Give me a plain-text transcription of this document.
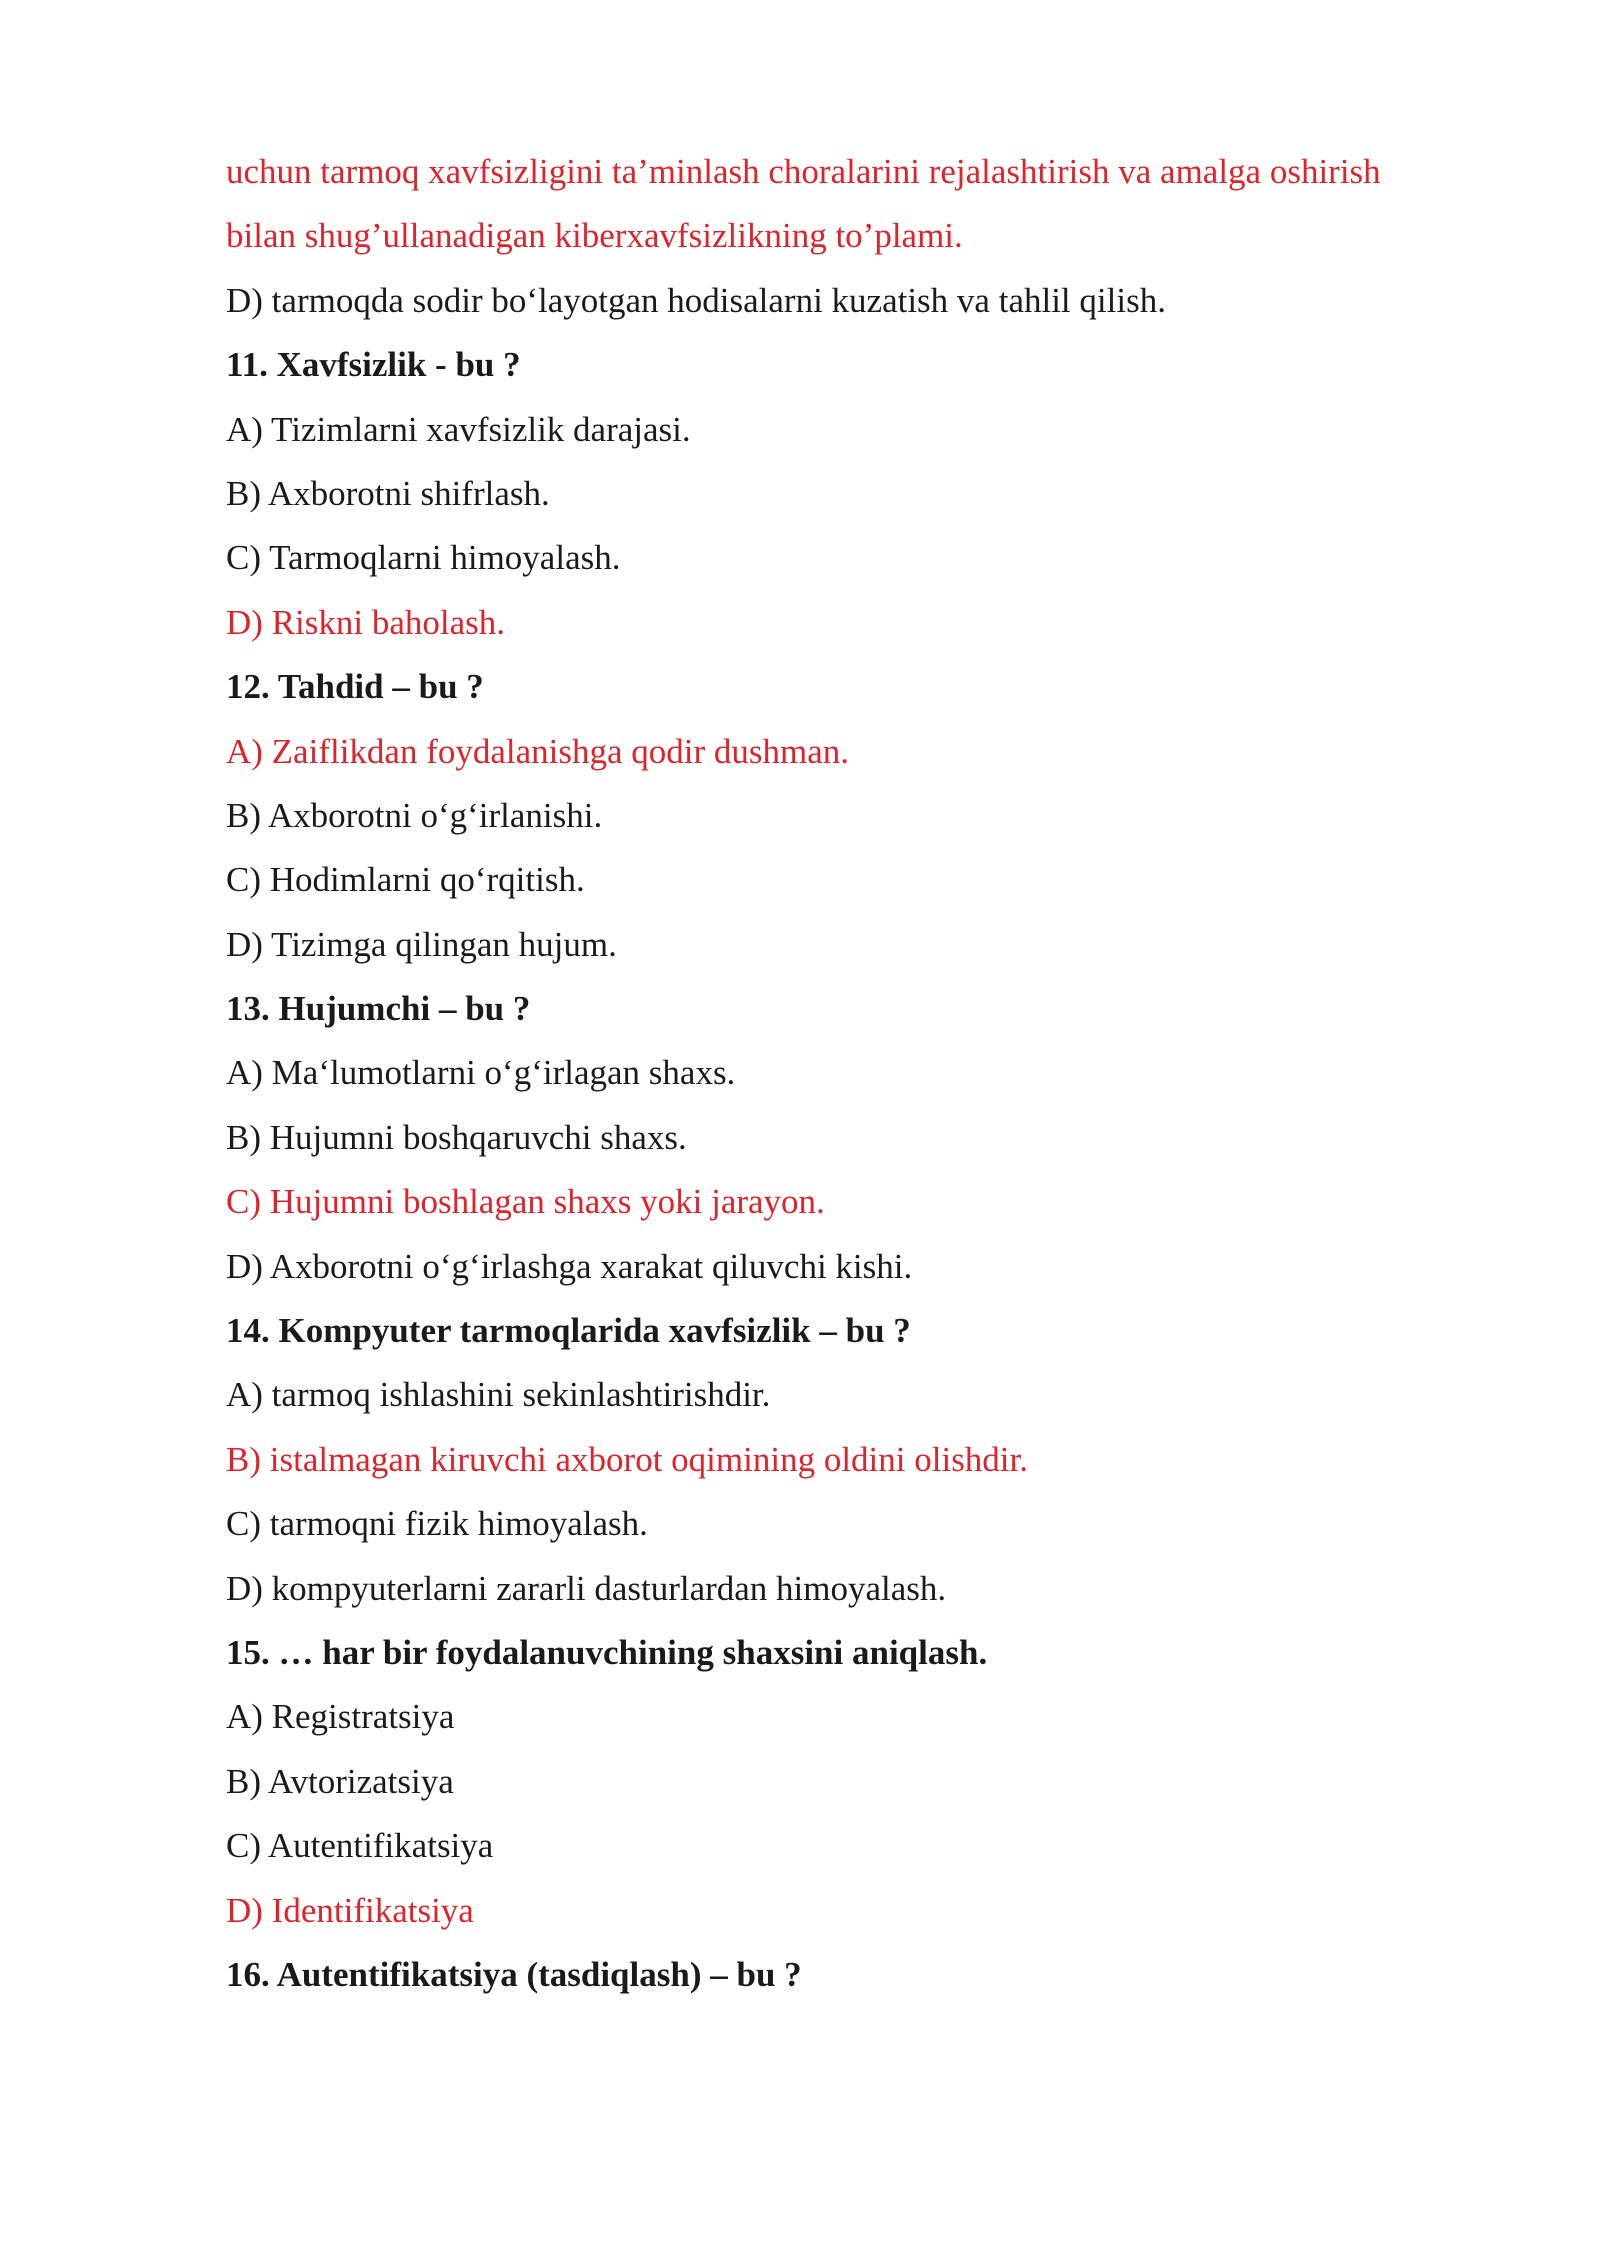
uchun tarmoq xavfsizligini ta’minlash choralarini rejalashtirish va amalga oshirish
bilan shug’ullanadigan kiberxavfsizlikning to’plami.
D) tarmoqda sodir boʻlayotgan hodisalarni kuzatish va tahlil qilish.
11. Xavfsizlik - bu ?
A) Tizimlarni xavfsizlik darajasi.
B) Axborotni shifrlash.
C) Tarmoqlarni himoyalash.
D) Riskni baholash.
12. Tahdid – bu ?
A) Zaiflikdan foydalanishga qodir dushman.
B) Axborotni oʻgʻirlanishi.
C) Hodimlarni qoʻrqitish.
D) Tizimga qilingan hujum.
13. Hujumchi – bu ?
A) Maʻlumotlarni oʻgʻirlagan shaxs.
B) Hujumni boshqaruvchi shaxs.
C) Hujumni boshlagan shaxs yoki jarayon.
D) Axborotni oʻgʻirlashga xarakat qiluvchi kishi.
14. Kompyuter tarmoqlarida xavfsizlik – bu ?
A) tarmoq ishlashini sekinlashtirishdir.
B) istalmagan kiruvchi axborot oqimining oldini olishdir.
C) tarmoqni fizik himoyalash.
D) kompyuterlarni zararli dasturlardan himoyalash.
15. … har bir foydalanuvchining shaxsini aniqlash.
A) Registratsiya
B) Avtorizatsiya
C) Autentifikatsiya
D) Identifikatsiya
16. Autentifikatsiya (tasdiqlash) – bu ?
